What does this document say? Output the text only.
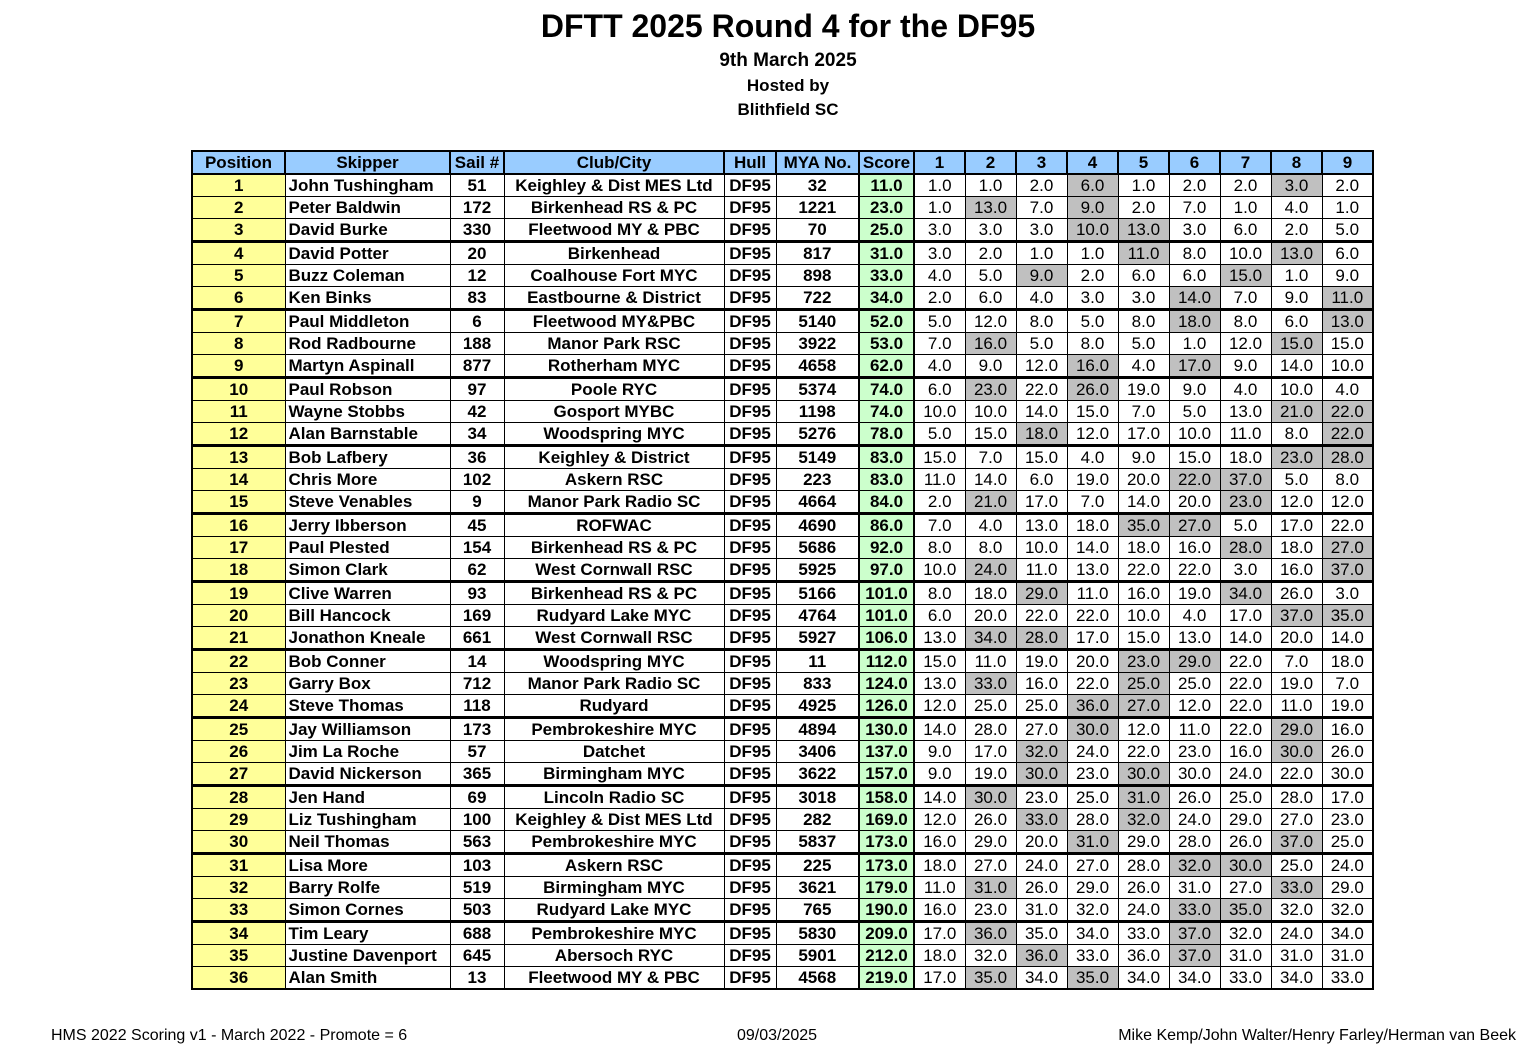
DFTT 2025 Round 4 for the DF95
9th March 2025
Hosted by
Blithfield SC
Position	Skipper	Sail #	Club/City	Hull	MYA No.	Score	1	2	3	4	5	6	7	8	9
1	John Tushingham	51	Keighley & Dist MES Ltd	DF95	32	11.0	1.0	1.0	2.0	6.0	1.0	2.0	2.0	3.0	2.0
2	Peter Baldwin	172	Birkenhead RS & PC	DF95	1221	23.0	1.0	13.0	7.0	9.0	2.0	7.0	1.0	4.0	1.0
3	David Burke	330	Fleetwood MY & PBC	DF95	70	25.0	3.0	3.0	3.0	10.0	13.0	3.0	6.0	2.0	5.0
4	David Potter	20	Birkenhead	DF95	817	31.0	3.0	2.0	1.0	1.0	11.0	8.0	10.0	13.0	6.0
5	Buzz Coleman	12	Coalhouse Fort MYC	DF95	898	33.0	4.0	5.0	9.0	2.0	6.0	6.0	15.0	1.0	9.0
6	Ken Binks	83	Eastbourne & District	DF95	722	34.0	2.0	6.0	4.0	3.0	3.0	14.0	7.0	9.0	11.0
7	Paul Middleton	6	Fleetwood MY&PBC	DF95	5140	52.0	5.0	12.0	8.0	5.0	8.0	18.0	8.0	6.0	13.0
8	Rod Radbourne	188	Manor Park RSC	DF95	3922	53.0	7.0	16.0	5.0	8.0	5.0	1.0	12.0	15.0	15.0
9	Martyn Aspinall	877	Rotherham MYC	DF95	4658	62.0	4.0	9.0	12.0	16.0	4.0	17.0	9.0	14.0	10.0
10	Paul Robson	97	Poole RYC	DF95	5374	74.0	6.0	23.0	22.0	26.0	19.0	9.0	4.0	10.0	4.0
11	Wayne Stobbs	42	Gosport MYBC	DF95	1198	74.0	10.0	10.0	14.0	15.0	7.0	5.0	13.0	21.0	22.0
12	Alan Barnstable	34	Woodspring MYC	DF95	5276	78.0	5.0	15.0	18.0	12.0	17.0	10.0	11.0	8.0	22.0
13	Bob Lafbery	36	Keighley & District	DF95	5149	83.0	15.0	7.0	15.0	4.0	9.0	15.0	18.0	23.0	28.0
14	Chris More	102	Askern RSC	DF95	223	83.0	11.0	14.0	6.0	19.0	20.0	22.0	37.0	5.0	8.0
15	Steve Venables	9	Manor Park Radio SC	DF95	4664	84.0	2.0	21.0	17.0	7.0	14.0	20.0	23.0	12.0	12.0
16	Jerry Ibberson	45	ROFWAC	DF95	4690	86.0	7.0	4.0	13.0	18.0	35.0	27.0	5.0	17.0	22.0
17	Paul Plested	154	Birkenhead RS & PC	DF95	5686	92.0	8.0	8.0	10.0	14.0	18.0	16.0	28.0	18.0	27.0
18	Simon Clark	62	West Cornwall RSC	DF95	5925	97.0	10.0	24.0	11.0	13.0	22.0	22.0	3.0	16.0	37.0
19	Clive Warren	93	Birkenhead RS & PC	DF95	5166	101.0	8.0	18.0	29.0	11.0	16.0	19.0	34.0	26.0	3.0
20	Bill Hancock	169	Rudyard Lake MYC	DF95	4764	101.0	6.0	20.0	22.0	22.0	10.0	4.0	17.0	37.0	35.0
21	Jonathon Kneale	661	West Cornwall RSC	DF95	5927	106.0	13.0	34.0	28.0	17.0	15.0	13.0	14.0	20.0	14.0
22	Bob Conner	14	Woodspring MYC	DF95	11	112.0	15.0	11.0	19.0	20.0	23.0	29.0	22.0	7.0	18.0
23	Garry Box	712	Manor Park Radio SC	DF95	833	124.0	13.0	33.0	16.0	22.0	25.0	25.0	22.0	19.0	7.0
24	Steve Thomas	118	Rudyard	DF95	4925	126.0	12.0	25.0	25.0	36.0	27.0	12.0	22.0	11.0	19.0
25	Jay Williamson	173	Pembrokeshire MYC	DF95	4894	130.0	14.0	28.0	27.0	30.0	12.0	11.0	22.0	29.0	16.0
26	Jim La Roche	57	Datchet	DF95	3406	137.0	9.0	17.0	32.0	24.0	22.0	23.0	16.0	30.0	26.0
27	David Nickerson	365	Birmingham MYC	DF95	3622	157.0	9.0	19.0	30.0	23.0	30.0	30.0	24.0	22.0	30.0
28	Jen Hand	69	Lincoln Radio SC	DF95	3018	158.0	14.0	30.0	23.0	25.0	31.0	26.0	25.0	28.0	17.0
29	Liz Tushingham	100	Keighley & Dist MES Ltd	DF95	282	169.0	12.0	26.0	33.0	28.0	32.0	24.0	29.0	27.0	23.0
30	Neil Thomas	563	Pembrokeshire MYC	DF95	5837	173.0	16.0	29.0	20.0	31.0	29.0	28.0	26.0	37.0	25.0
31	Lisa More	103	Askern RSC	DF95	225	173.0	18.0	27.0	24.0	27.0	28.0	32.0	30.0	25.0	24.0
32	Barry Rolfe	519	Birmingham MYC	DF95	3621	179.0	11.0	31.0	26.0	29.0	26.0	31.0	27.0	33.0	29.0
33	Simon Cornes	503	Rudyard Lake MYC	DF95	765	190.0	16.0	23.0	31.0	32.0	24.0	33.0	35.0	32.0	32.0
34	Tim Leary	688	Pembrokeshire MYC	DF95	5830	209.0	17.0	36.0	35.0	34.0	33.0	37.0	32.0	24.0	34.0
35	Justine Davenport	645	Abersoch RYC	DF95	5901	212.0	18.0	32.0	36.0	33.0	36.0	37.0	31.0	31.0	31.0
36	Alan Smith	13	Fleetwood MY & PBC	DF95	4568	219.0	17.0	35.0	34.0	35.0	34.0	34.0	33.0	34.0	33.0
HMS 2022 Scoring v1 - March 2022 - Promote = 6	09/03/2025	Mike Kemp/John Walter/Henry Farley/Herman van Beek
